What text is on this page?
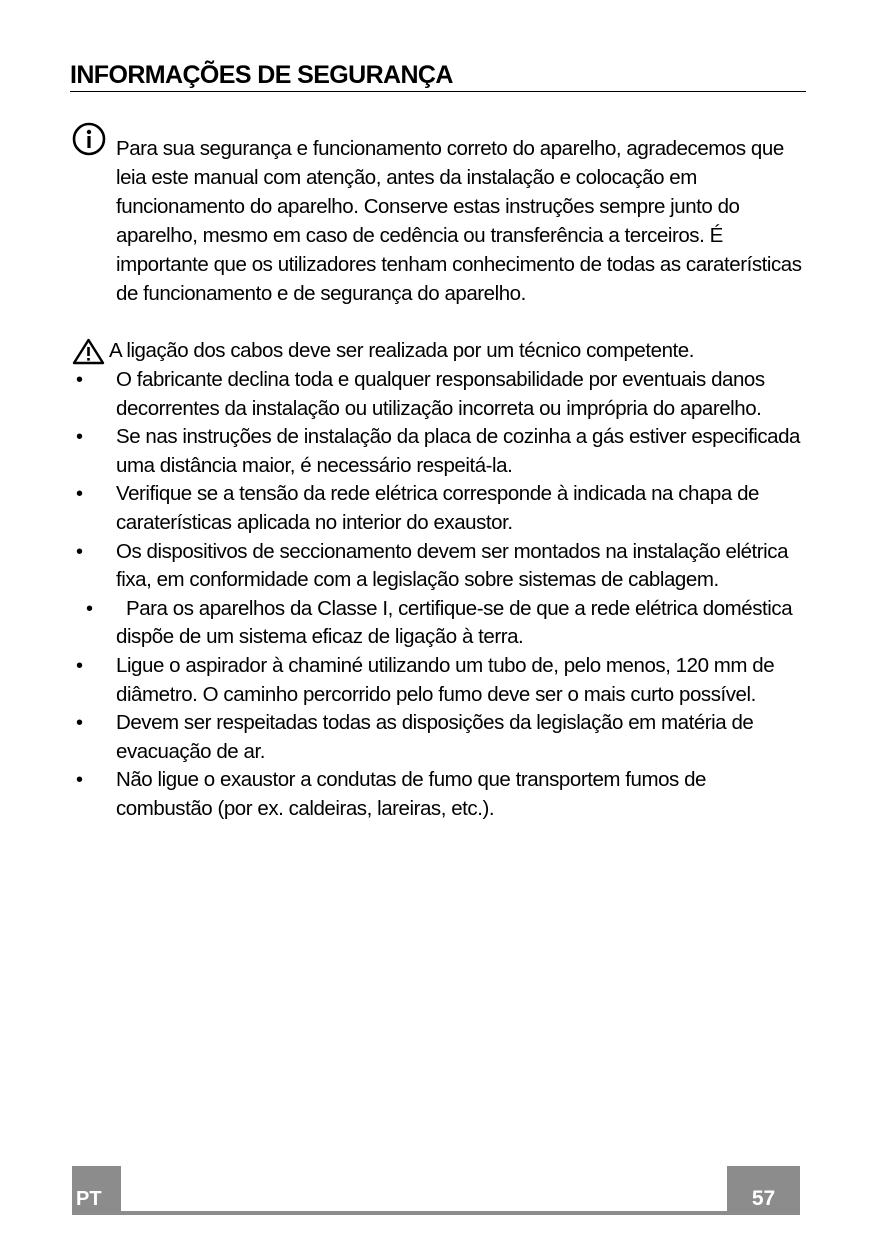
INFORMAÇÕES DE SEGURANÇA

Para sua segurança e funcionamento correto do aparelho, agradecemos que leia este manual com atenção, antes da instalação e colocação em funcionamento do aparelho. Conserve estas instruções sempre junto do aparelho, mesmo em caso de cedência ou transferência a terceiros. É importante que os utilizadores tenham conhecimento de todas as caraterísticas de funcionamento e de segurança do aparelho.

A ligação dos cabos deve ser realizada por um técnico competente.

• O fabricante declina toda e qualquer responsabilidade por eventuais danos decorrentes da instalação ou utilização incorreta ou imprópria do aparelho.
• Se nas instruções de instalação da placa de cozinha a gás estiver especificada uma distância maior, é necessário respeitá-la.
• Verifique se a tensão da rede elétrica corresponde à indicada na chapa de caraterísticas aplicada no interior do exaustor.
• Os dispositivos de seccionamento devem ser montados na instalação elétrica fixa, em conformidade com a legislação sobre sistemas de cablagem.
• Para os aparelhos da Classe I, certifique-se de que a rede elétrica doméstica dispõe de um sistema eficaz de ligação à terra.
• Ligue o aspirador à chaminé utilizando um tubo de, pelo menos, 120 mm de diâmetro. O caminho percorrido pelo fumo deve ser o mais curto possível.
• Devem ser respeitadas todas as disposições da legislação em matéria de evacuação de ar.
• Não ligue o exaustor a condutas de fumo que transportem fumos de combustão (por ex. caldeiras, lareiras, etc.).
PT	57
